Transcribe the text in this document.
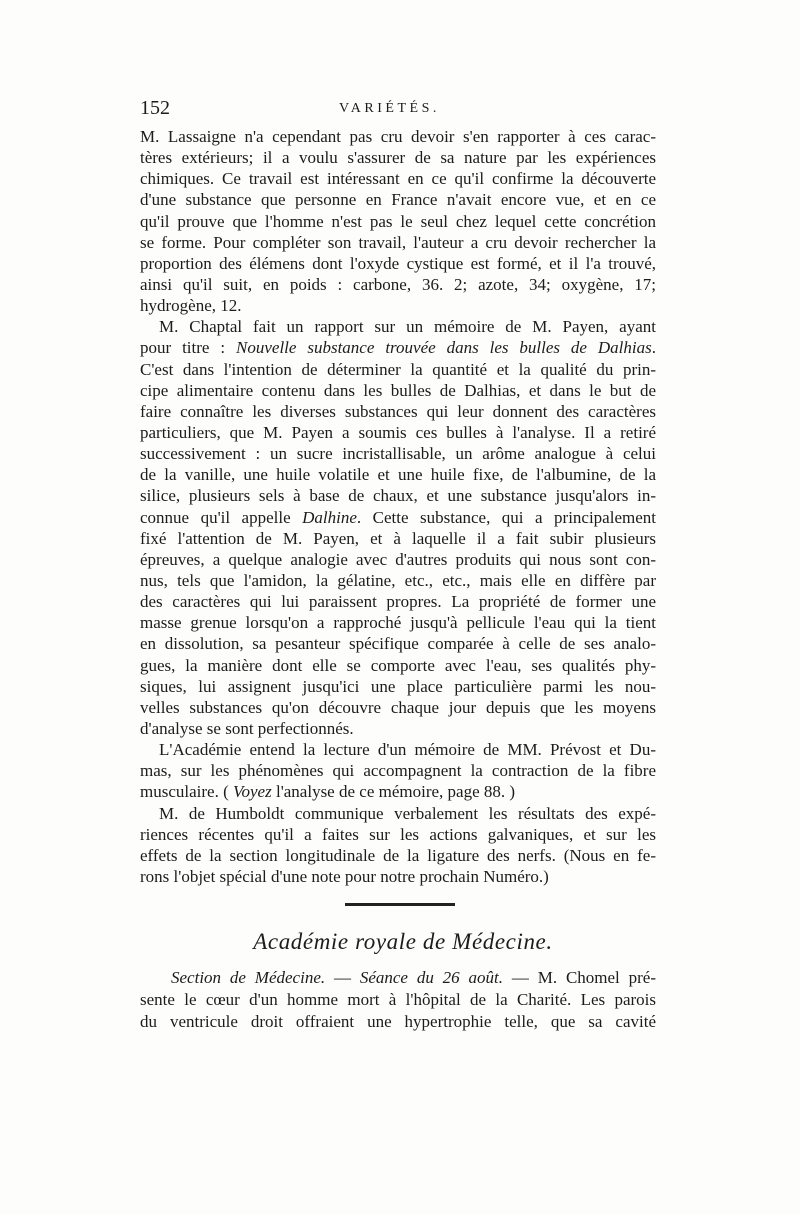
152	VARIÉTÉS.
M. Lassaigne n'a cependant pas cru devoir s'en rapporter à ces carac-
tères extérieurs; il a voulu s'assurer de sa nature par les expériences
chimiques. Ce travail est intéressant en ce qu'il confirme la découverte
d'une substance que personne en France n'avait encore vue, et en ce
qu'il prouve que l'homme n'est pas le seul chez lequel cette concrétion
se forme. Pour compléter son travail, l'auteur a cru devoir rechercher la
proportion des élémens dont l'oxyde cystique est formé, et il l'a trouvé,
ainsi qu'il suit, en poids : carbone, 36. 2; azote, 34; oxygène, 17;
hydrogène, 12.
M. Chaptal fait un rapport sur un mémoire de M. Payen, ayant
pour titre : Nouvelle substance trouvée dans les bulles de Dalhias.
C'est dans l'intention de déterminer la quantité et la qualité du prin-
cipe alimentaire contenu dans les bulles de Dalhias, et dans le but de
faire connaître les diverses substances qui leur donnent des caractères
particuliers, que M. Payen a soumis ces bulles à l'analyse. Il a retiré
successivement : un sucre incristallisable, un arôme analogue à celui
de la vanille, une huile volatile et une huile fixe, de l'albumine, de la
silice, plusieurs sels à base de chaux, et une substance jusqu'alors in-
connue qu'il appelle Dalhine. Cette substance, qui a principalement
fixé l'attention de M. Payen, et à laquelle il a fait subir plusieurs
épreuves, a quelque analogie avec d'autres produits qui nous sont con-
nus, tels que l'amidon, la gélatine, etc., etc., mais elle en diffère par
des caractères qui lui paraissent propres. La propriété de former une
masse grenue lorsqu'on a rapproché jusqu'à pellicule l'eau qui la tient
en dissolution, sa pesanteur spécifique comparée à celle de ses analo-
gues, la manière dont elle se comporte avec l'eau, ses qualités phy-
siques, lui assignent jusqu'ici une place particulière parmi les nou-
velles substances qu'on découvre chaque jour depuis que les moyens
d'analyse se sont perfectionnés.
L'Académie entend la lecture d'un mémoire de MM. Prévost et Du-
mas, sur les phénomènes qui accompagnent la contraction de la fibre
musculaire. ( Voyez l'analyse de ce mémoire, page 88. )
M. de Humboldt communique verbalement les résultats des expé-
riences récentes qu'il a faites sur les actions galvaniques, et sur les
effets de la section longitudinale de la ligature des nerfs. (Nous en fe-
rons l'objet spécial d'une note pour notre prochain Numéro.)
Académie royale de Médecine.
Section de Médecine. — Séance du 26 août. — M. Chomel pré-
sente le cœur d'un homme mort à l'hôpital de la Charité. Les parois
du ventricule droit offraient une hypertrophie telle, que sa cavité
